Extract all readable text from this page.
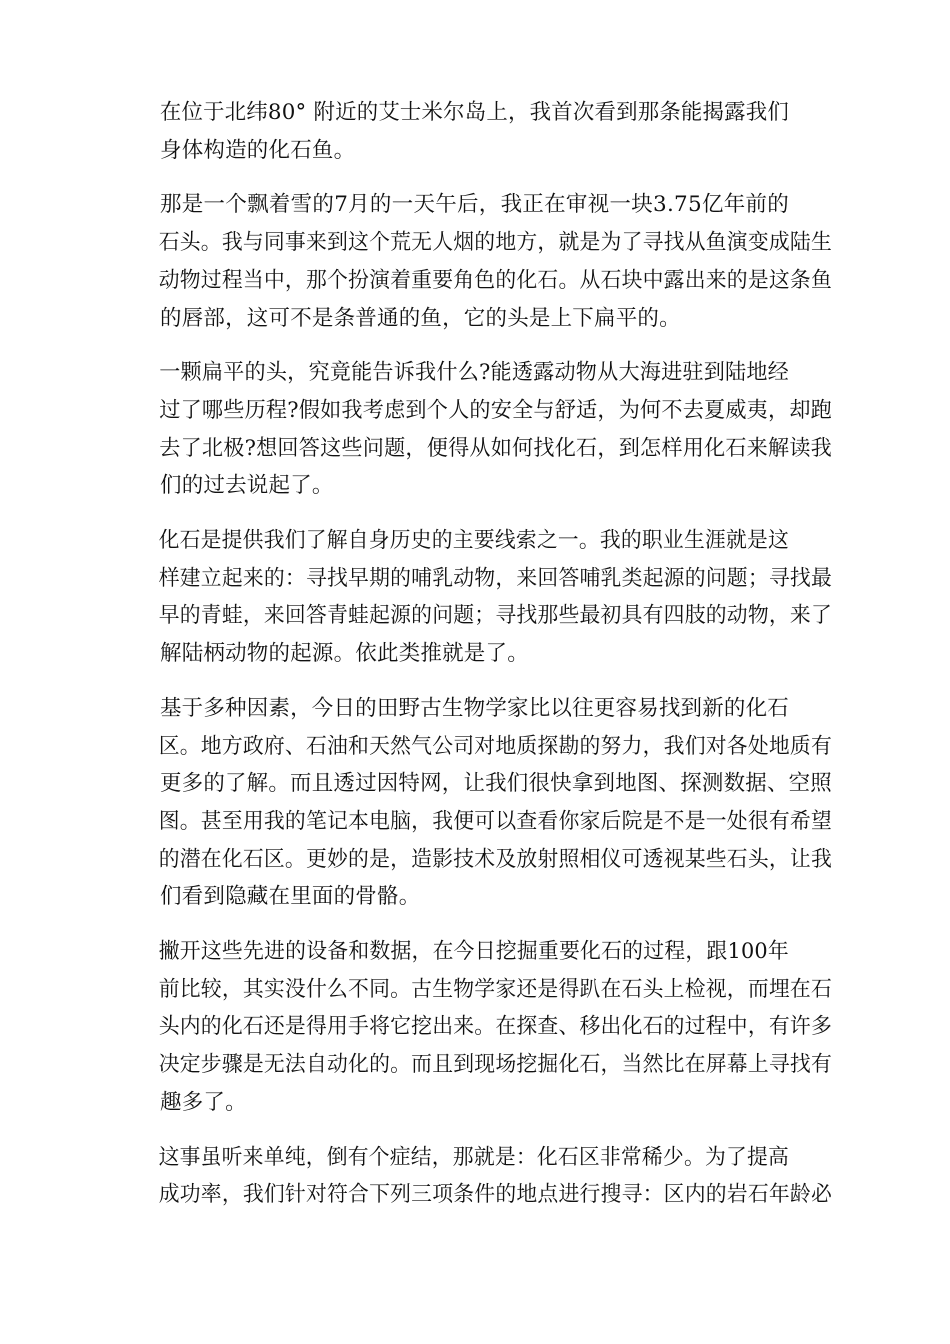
在位于北纬80° 附近的艾士米尔岛上，我首次看到那条能揭露我们
身体构造的化石鱼。

那是一个飘着雪的7月的一天午后，我正在审视一块3.75亿年前的
石头。我与同事来到这个荒无人烟的地方，就是为了寻找从鱼演变成陆生
动物过程当中，那个扮演着重要角色的化石。从石块中露出来的是这条鱼
的唇部，这可不是条普通的鱼，它的头是上下扁平的。

一颗扁平的头，究竟能告诉我什么?能透露动物从大海进驻到陆地经
过了哪些历程?假如我考虑到个人的安全与舒适，为何不去夏威夷，却跑
去了北极?想回答这些问题，便得从如何找化石，到怎样用化石来解读我
们的过去说起了。

化石是提供我们了解自身历史的主要线索之一。我的职业生涯就是这
样建立起来的：寻找早期的哺乳动物，来回答哺乳类起源的问题；寻找最
早的青蛙，来回答青蛙起源的问题；寻找那些最初具有四肢的动物，来了
解陆柄动物的起源。依此类推就是了。

基于多种因素，今日的田野古生物学家比以往更容易找到新的化石
区。地方政府、石油和天然气公司对地质探勘的努力，我们对各处地质有
更多的了解。而且透过因特网，让我们很快拿到地图、探测数据、空照
图。甚至用我的笔记本电脑，我便可以查看你家后院是不是一处很有希望
的潜在化石区。更妙的是，造影技术及放射照相仪可透视某些石头，让我
们看到隐藏在里面的骨骼。

撇开这些先进的设备和数据，在今日挖掘重要化石的过程，跟100年
前比较，其实没什么不同。古生物学家还是得趴在石头上检视，而埋在石
头内的化石还是得用手将它挖出来。在探查、移出化石的过程中，有许多
决定步骤是无法自动化的。而且到现场挖掘化石，当然比在屏幕上寻找有
趣多了。

这事虽听来单纯，倒有个症结，那就是：化石区非常稀少。为了提高
成功率，我们针对符合下列三项条件的地点进行搜寻：区内的岩石年龄必
